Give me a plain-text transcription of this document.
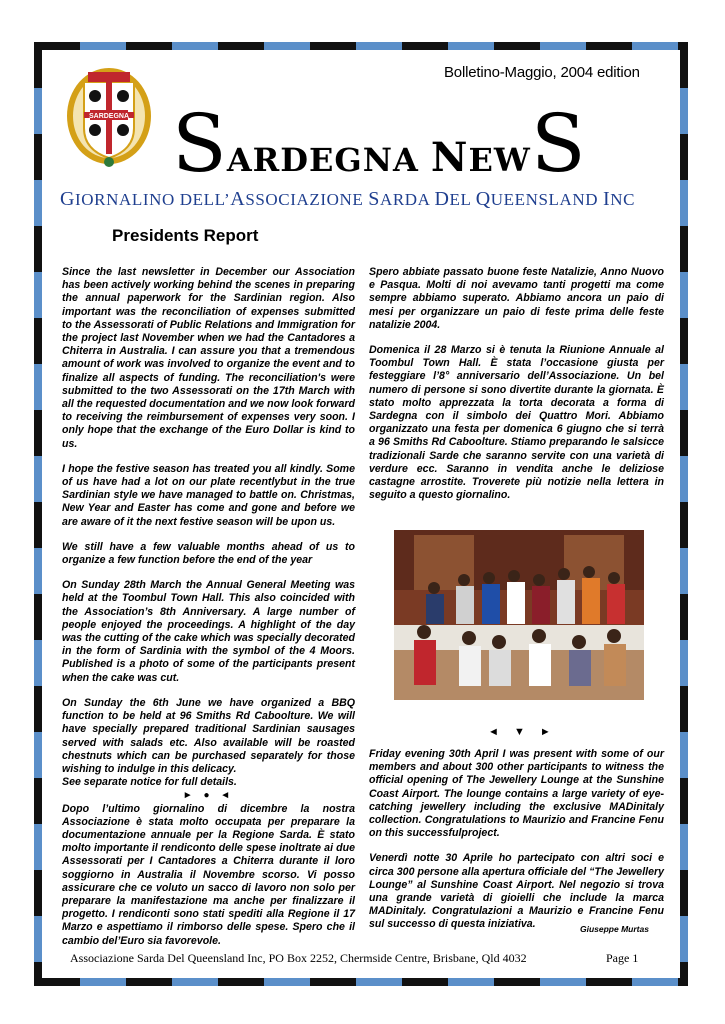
Bolletino-Maggio, 2004 edition
SARDEGNA SARDEGNA NEWS
GIORNALINO DELL’ASSOCIAZIONE SARDA DEL QUEENSLAND INC
Presidents Report

Since the last newsletter in December our Association has been actively working behind the scenes in preparing the annual paperwork for the Sardinian region. Also important was the reconciliation of expenses submitted to the Assessorati of Public Relations and Immigration for the project last November when we had the Cantadores a Chiterra in Australia. I can assure you that a tremendous amount of work was involved to organize the event and to finalize all aspects of funding. The reconciliation's were submitted to the two Assessorati on the 17th March with all the requested documentation and we now look forward to receiving the reimbursement of expenses very soon. I only hope that the exchange of the Euro Dollar is kind to us.

I hope the festive season has treated you all kindly. Some of us have had a lot on our plate recentlybut in the true Sardinian style we have managed to battle on. Christmas, New Year and Easter has come and gone and before we are aware of it the next festive season will be upon us.

We still have a few valuable months ahead of us to organize a few function before the end of the year

On Sunday 28th March the Annual General Meeting was held at the Toombul Town Hall. This also coincided with the Association’s 8th Anniversary. A large number of people enjoyed the proceedings. A highlight of the day was the cutting of the cake which was specially decorated in the form of Sardinia with the symbol of the 4 Moors. Published is a photo of some of the participants present when the cake was cut.

On Sunday the 6th June we have organized a BBQ function to be held at 96 Smiths Rd Caboolture. We will have specially prepared traditional Sardinian sausages served with salads etc. Also available will be roasted chestnuts which can be purchased separately for those wishing to indulge in this delicacy.

See separate notice for full details.

► ● ◄

Dopo l’ultimo giornalino di dicembre la nostra Associazione è stata molto occupata per preparare la documentazione annuale per la Regione Sarda. È stato molto importante il rendiconto delle spese inoltrate ai due Assessorati per I Cantadores a Chiterra durante il loro soggiorno in Australia il Novembre scorso. Vi posso assicurare che ce voluto un sacco di lavoro non solo per preparare la manifestazione ma anche per finalizzare il progetto. I rendiconti sono stati spediti alla Regione il 17 Marzo e aspettiamo il rimborso delle spese. Spero che il cambio del’Euro sia favorevole.

Spero abbiate passato buone feste Natalizie, Anno Nuovo e Pasqua. Molti di noi avevamo tanti progetti ma come sempre abbiamo superato. Abbiamo ancora un paio di mesi per organizzare un paio di feste prima delle feste natalizie 2004.

Domenica il 28 Marzo si è tenuta la Riunione Annuale al Toombul Town Hall. È stata l’occasione giusta per festeggiare l’8° anniversario dell’Associazione. Un bel numero di persone si sono divertite durante la giornata. È stato molto apprezzata la torta decorata a forma di Sardegna con il simbolo dei Quattro Mori. Abbiamo organizzato una festa per domenica 6 giugno che si terrà a 96 Smiths Rd Caboolture. Stiamo preparando le salsicce tradizionali Sarde che saranno servite con una varietà di verdure ecc. Saranno in vendita anche le deliziose castagne arrostite. Troverete più notizie nella lettera in seguito a questo giornalino.

◄ ▼ ►

Friday evening 30th April I was present with some of our members and about 300 other participants to witness the official opening of The Jewellery Lounge at the Sunshine Coast Airport. The lounge contains a large variety of eye-catching jewellery including the exclusive MADinitaly collection. Congratulations to Maurizio and Francine Fenu on this successfulproject.

Venerdì notte 30 Aprile ho partecipato con altri soci e circa 300 persone alla apertura officiale del “The Jewellery Lounge” al Sunshine Coast Airport. Nel negozio si trova una grande varietà di gioielli che include la marca MADinitaly. Congratulazioni a Maurizio e Francine Fenu sul successo di questa iniziativa.	Giuseppe Murtas
Associazione Sarda Del Queensland Inc, PO Box 2252, Chermside Centre, Brisbane, Qld 4032	Page 1
